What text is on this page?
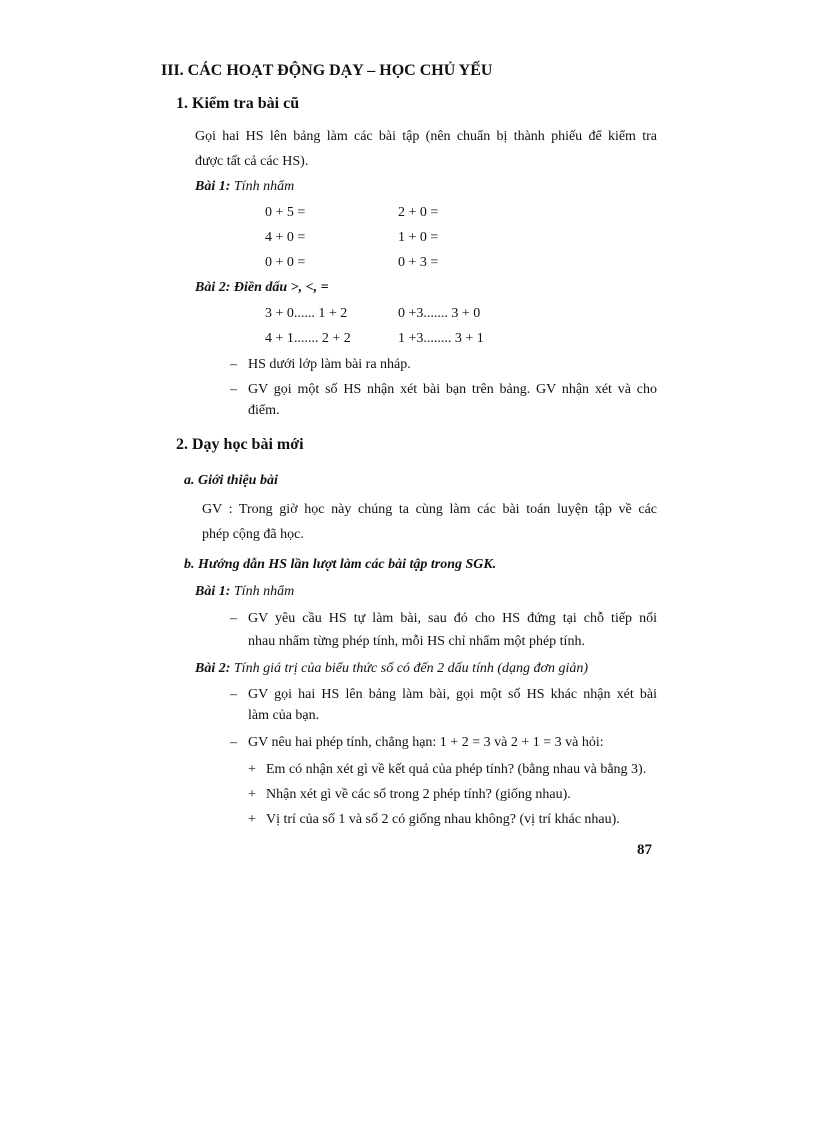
III. CÁC HOẠT ĐỘNG DẠY – HỌC CHỦ YẾU
1. Kiểm tra bài cũ
Gọi hai HS lên bảng làm các bài tập (nên chuẩn bị thành phiếu để kiểm tra
được tất cả các HS).
Bài 1: Tính nhẩm
0 + 5 =	2 + 0 =
4 + 0 =	1 + 0 =
0 + 0 =	0 + 3 =
Bài 2: Điền dấu >, <, =
3 + 0...... 1 + 2	0 +3....... 3 + 0
4 + 1....... 2 + 2	1 +3........ 3 + 1
– HS dưới lớp làm bài ra nháp.
– GV gọi một số HS nhận xét bài bạn trên bảng. GV nhận xét và cho
điểm.
2. Dạy học bài mới
a. Giới thiệu bài
GV : Trong giờ học này chúng ta cùng làm các bài toán luyện tập về các
phép cộng đã học.
b. Hướng dẫn HS lần lượt làm các bài tập trong SGK.
Bài 1: Tính nhẩm
– GV yêu cầu HS tự làm bài, sau đó cho HS đứng tại chỗ tiếp nối
nhau nhẩm từng phép tính, mỗi HS chỉ nhẩm một phép tính.
Bài 2: Tính giá trị của biểu thức số có đến 2 dấu tính (dạng đơn giản)
– GV gọi hai HS lên bảng làm bài, gọi một số HS khác nhận xét bài
làm của bạn.
– GV nêu hai phép tính, chẳng hạn: 1 + 2 = 3 và 2 + 1 = 3 và hỏi:
+ Em có nhận xét gì về kết quả của phép tính? (bằng nhau và bằng 3).
+ Nhận xét gì về các số trong 2 phép tính? (giống nhau).
+ Vị trí của số 1 và số 2 có giống nhau không? (vị trí khác nhau).
87
